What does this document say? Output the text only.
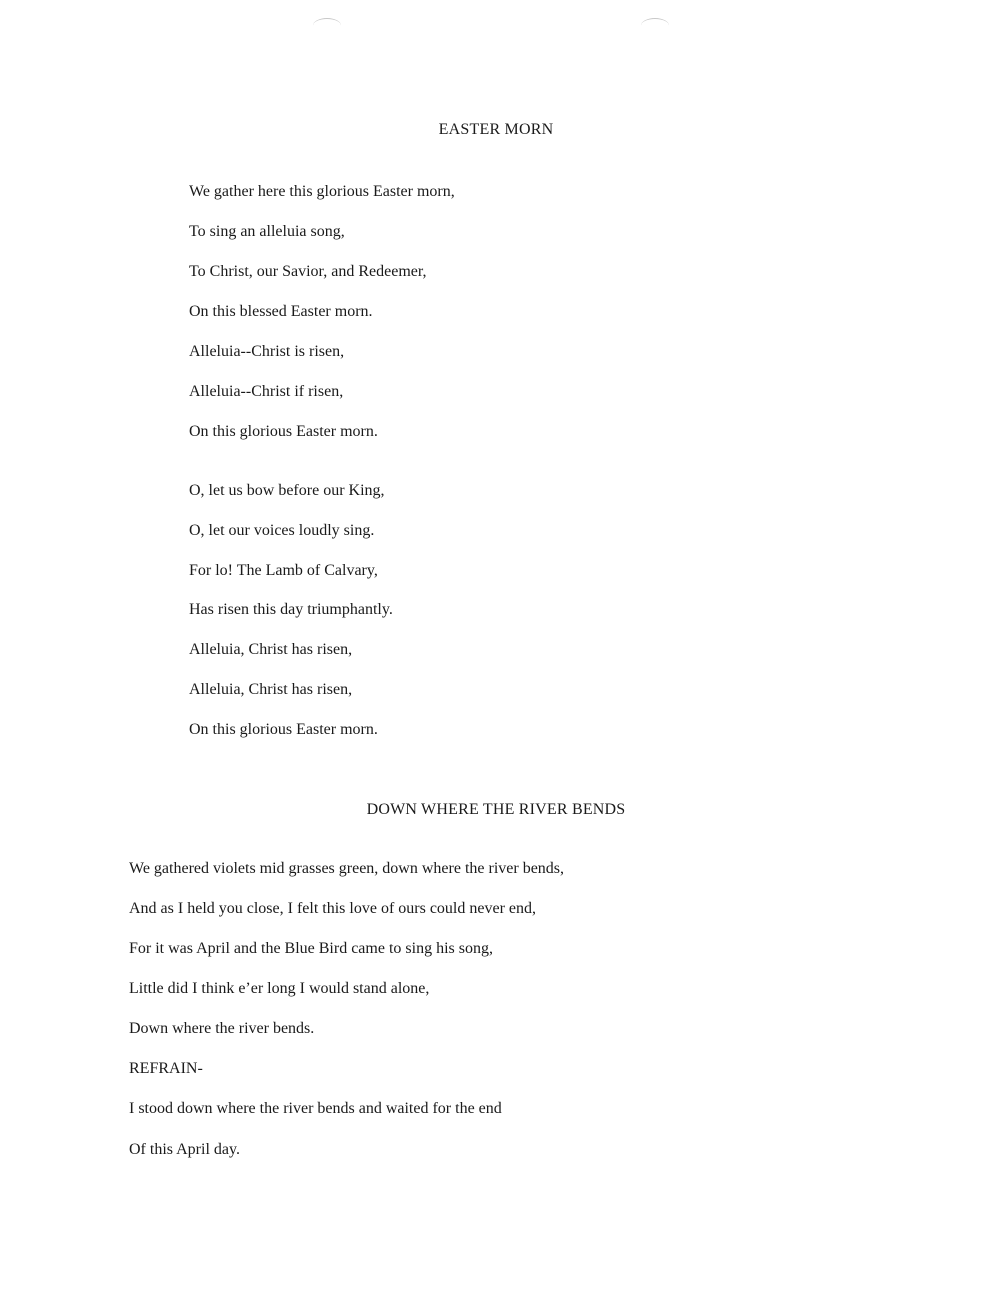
EASTER MORN

We gather here this glorious Easter morn,

To sing an alleluia song,

To Christ, our Savior, and Redeemer,

On this blessed Easter morn.

Alleluia--Christ is risen,

Alleluia--Christ if risen,

On this glorious Easter morn.

O, let us bow before our King,

O, let our voices loudly sing.

For lo! The Lamb of Calvary,

Has risen this day triumphantly.

Alleluia, Christ has risen,

Alleluia, Christ has risen,

On this glorious Easter morn.

DOWN WHERE THE RIVER BENDS

We gathered violets mid grasses green, down where the river bends,

And as I held you close, I felt this love of ours could never end,

For it was April and the Blue Bird came to sing his song,

Little did I think e’er long I would stand alone,

Down where the river bends.

REFRAIN-

I stood down where the river bends and waited for the end

Of this April day.
